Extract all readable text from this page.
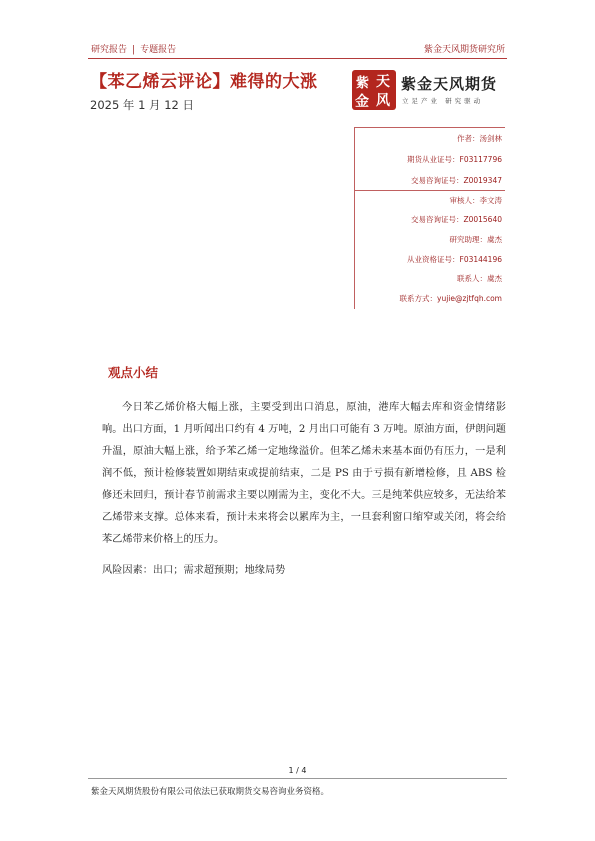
研究报告 | 专题报告	紫金天风期货研究所
【苯乙烯云评论】难得的大涨
2025 年 1 月 12 日
紫 天
金 风
紫金天风期货
立足产业 研究驱动
作者：汤剑林
期货从业证号：F03117796
交易咨询证号：Z0019347
审核人：李文涛
交易咨询证号：Z0015640
研究助理：虞杰
从业资格证号：F03144196
联系人：虞杰
联系方式：yujie@zjtfqh.com
观点小结
今日苯乙烯价格大幅上涨，主要受到出口消息，原油，港库大幅去库和资金情绪影响。出口方面，1 月听闻出口约有 4 万吨，2 月出口可能有 3 万吨。原油方面，伊朗问题升温，原油大幅上涨，给予苯乙烯一定地缘溢价。但苯乙烯未来基本面仍有压力，一是利润不低，预计检修装置如期结束或提前结束，二是 PS 由于亏损有新增检修，且 ABS 检修还未回归，预计春节前需求主要以刚需为主，变化不大。三是纯苯供应较多，无法给苯乙烯带来支撑。总体来看，预计未来将会以累库为主，一旦套利窗口缩窄或关闭，将会给苯乙烯带来价格上的压力。
风险因素：出口；需求超预期；地缘局势
1 / 4
紫金天风期货股份有限公司依法已获取期货交易咨询业务资格。
